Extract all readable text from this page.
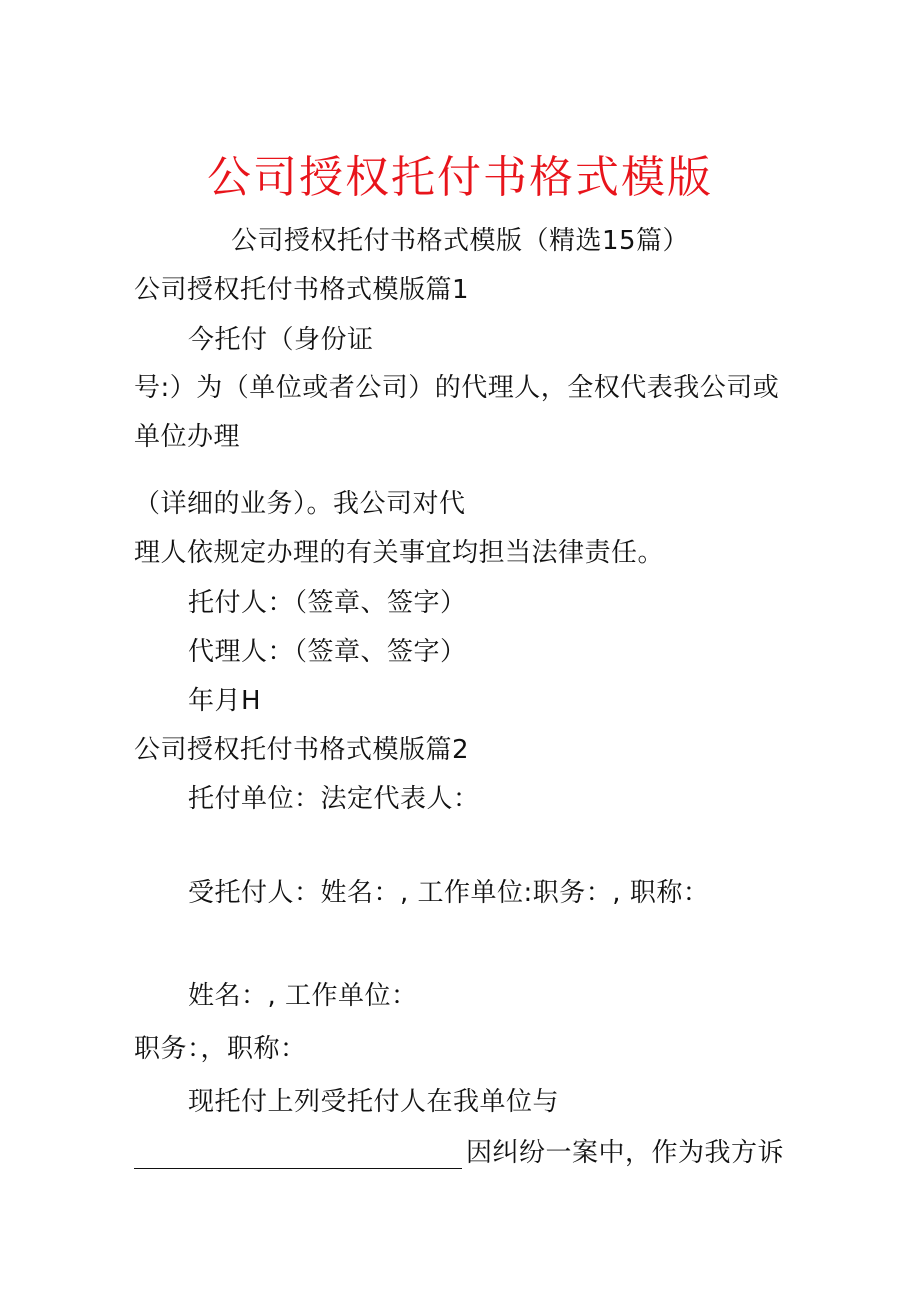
公司授权托付书格式模版
公司授权托付书格式模版（精选15篇）
公司授权托付书格式模版篇1
今托付（身份证
号:）为（单位或者公司）的代理人，全权代表我公司或
单位办理
（详细的业务）。我公司对代
理人依规定办理的有关事宜均担当法律责任。
托付人：（签章、签字）
代理人：（签章、签字）
年月H
公司授权托付书格式模版篇2
托付单位：法定代表人：
受托付人：姓名：, 工作单位:职务：, 职称：
姓名：, 工作单位：
职务：，职称：
现托付上列受托付人在我单位与
因纠纷一案中，作为我方诉
